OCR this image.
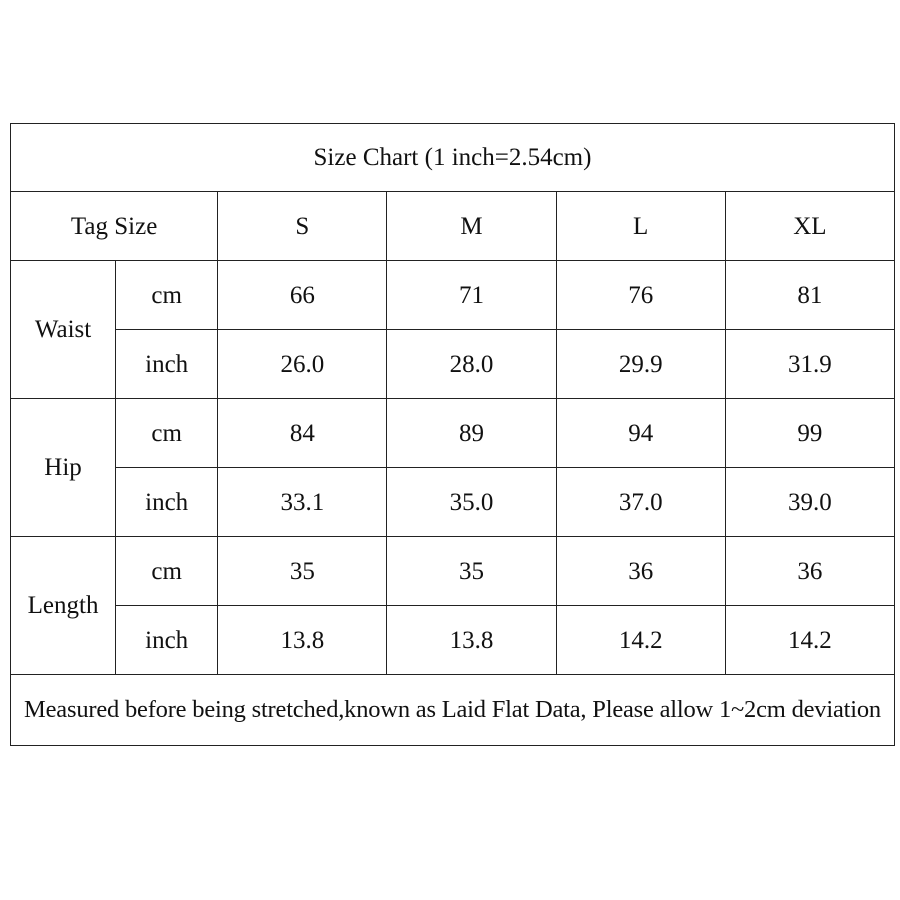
Size Chart (1 inch=2.54cm)					
Tag Size		S	M	L	XL
Waist	cm	66	71	76	81
	inch	26.0	28.0	29.9	31.9
Hip	cm	84	89	94	99
	inch	33.1	35.0	37.0	39.0
Length	cm	35	35	36	36
	inch	13.8	13.8	14.2	14.2
Measured before being stretched,known as Laid Flat Data, Please allow 1~2cm deviation					
